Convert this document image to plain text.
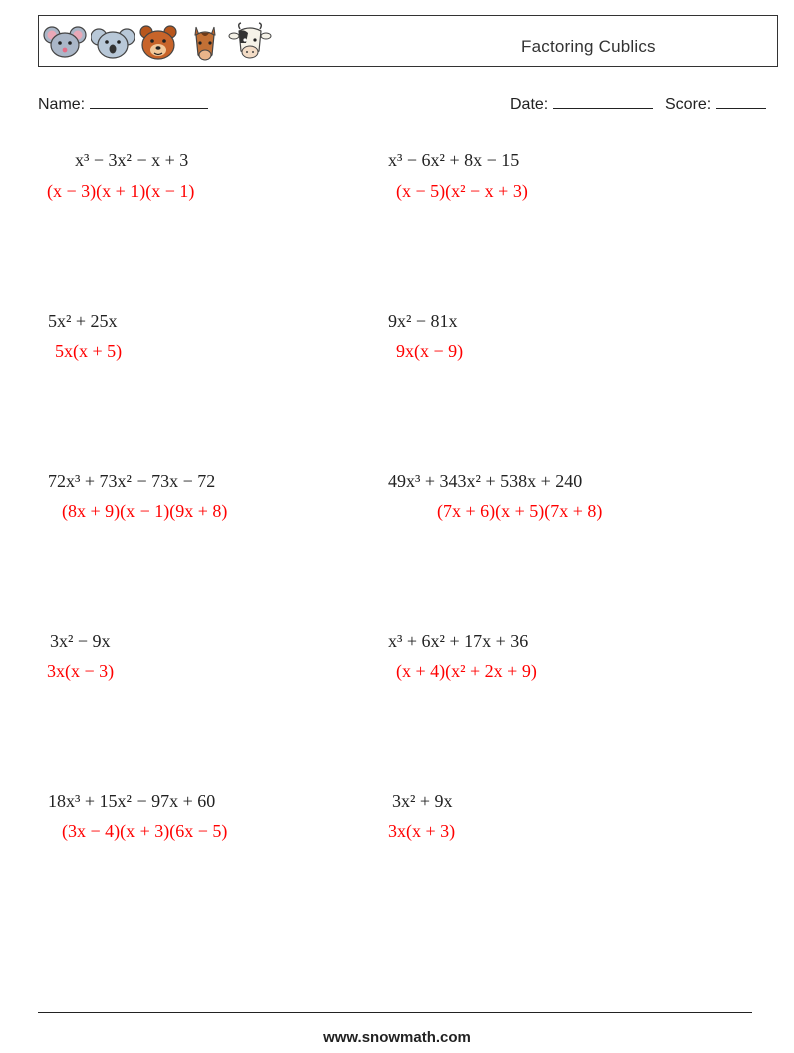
Factoring Cublics
Name:	Date:	Score:
x³ − 3x² − x + 3
(x − 3)(x + 1)(x − 1)
x³ − 6x² + 8x − 15
(x − 5)(x² − x + 3)
5x² + 25x
5x(x + 5)
9x² − 81x
9x(x − 9)
72x³ + 73x² − 73x − 72
(8x + 9)(x − 1)(9x + 8)
49x³ + 343x² + 538x + 240
(7x + 6)(x + 5)(7x + 8)
3x² − 9x
3x(x − 3)
x³ + 6x² + 17x + 36
(x + 4)(x² + 2x + 9)
18x³ + 15x² − 97x + 60
(3x − 4)(x + 3)(6x − 5)
3x² + 9x
3x(x + 3)
www.snowmath.com
